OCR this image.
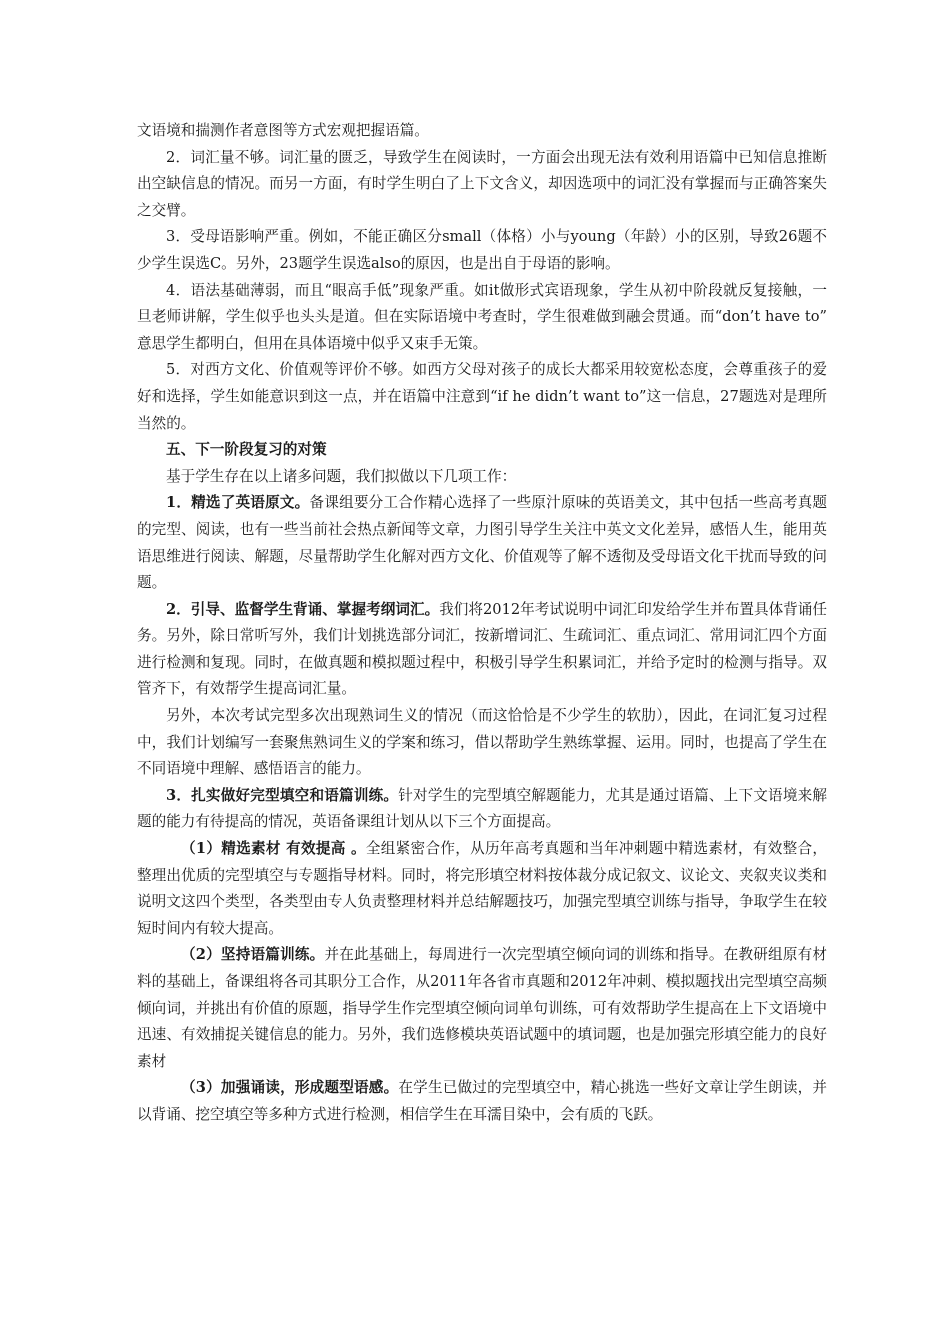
文语境和揣测作者意图等方式宏观把握语篇。

2．词汇量不够。词汇量的匮乏，导致学生在阅读时，一方面会出现无法有效利用语篇中已知信息推断出空缺信息的情况。而另一方面，有时学生明白了上下文含义，却因选项中的词汇没有掌握而与正确答案失之交臂。

3．受母语影响严重。例如，不能正确区分small（体格）小与young（年龄）小的区别，导致26题不少学生误选C。另外，23题学生误选also的原因，也是出自于母语的影响。

4．语法基础薄弱，而且“眼高手低”现象严重。如it做形式宾语现象，学生从初中阶段就反复接触，一旦老师讲解，学生似乎也头头是道。但在实际语境中考查时，学生很难做到融会贯通。而“don’t have to” 意思学生都明白，但用在具体语境中似乎又束手无策。

5．对西方文化、价值观等评价不够。如西方父母对孩子的成长大都采用较宽松态度，会尊重孩子的爱好和选择，学生如能意识到这一点，并在语篇中注意到“if he didn’t want to”这一信息，27题选对是理所当然的。

五、下一阶段复习的对策

基于学生存在以上诸多问题，我们拟做以下几项工作：

1．精选了英语原文。备课组要分工合作精心选择了一些原汁原味的英语美文，其中包括一些高考真题的完型、阅读，也有一些当前社会热点新闻等文章，力图引导学生关注中英文文化差异，感悟人生，能用英语思维进行阅读、解题，尽量帮助学生化解对西方文化、价值观等了解不透彻及受母语文化干扰而导致的问题。

2．引导、监督学生背诵、掌握考纲词汇。我们将2012年考试说明中词汇印发给学生并布置具体背诵任务。另外，除日常听写外，我们计划挑选部分词汇，按新增词汇、生疏词汇、重点词汇、常用词汇四个方面进行检测和复现。同时，在做真题和模拟题过程中，积极引导学生积累词汇，并给予定时的检测与指导。双管齐下，有效帮学生提高词汇量。

另外，本次考试完型多次出现熟词生义的情况（而这恰恰是不少学生的软肋），因此，在词汇复习过程中，我们计划编写一套聚焦熟词生义的学案和练习，借以帮助学生熟练掌握、运用。同时，也提高了学生在不同语境中理解、感悟语言的能力。

3．扎实做好完型填空和语篇训练。针对学生的完型填空解题能力，尤其是通过语篇、上下文语境来解题的能力有待提高的情况，英语备课组计划从以下三个方面提高。

（1）精选素材 有效提高 。全组紧密合作，从历年高考真题和当年冲刺题中精选素材，有效整合，整理出优质的完型填空与专题指导材料。同时，将完形填空材料按体裁分成记叙文、议论文、夹叙夹议类和说明文这四个类型，各类型由专人负责整理材料并总结解题技巧，加强完型填空训练与指导，争取学生在较短时间内有较大提高。

（2）坚持语篇训练。并在此基础上，每周进行一次完型填空倾向词的训练和指导。在教研组原有材料的基础上，备课组将各司其职分工合作，从2011年各省市真题和2012年冲刺、模拟题找出完型填空高频倾向词，并挑出有价值的原题，指导学生作完型填空倾向词单句训练，可有效帮助学生提高在上下文语境中迅速、有效捕捉关键信息的能力。另外，我们选修模块英语试题中的填词题，也是加强完形填空能力的良好素材

（3）加强诵读，形成题型语感。在学生已做过的完型填空中，精心挑选一些好文章让学生朗读，并以背诵、挖空填空等多种方式进行检测，相信学生在耳濡目染中，会有质的飞跃。
